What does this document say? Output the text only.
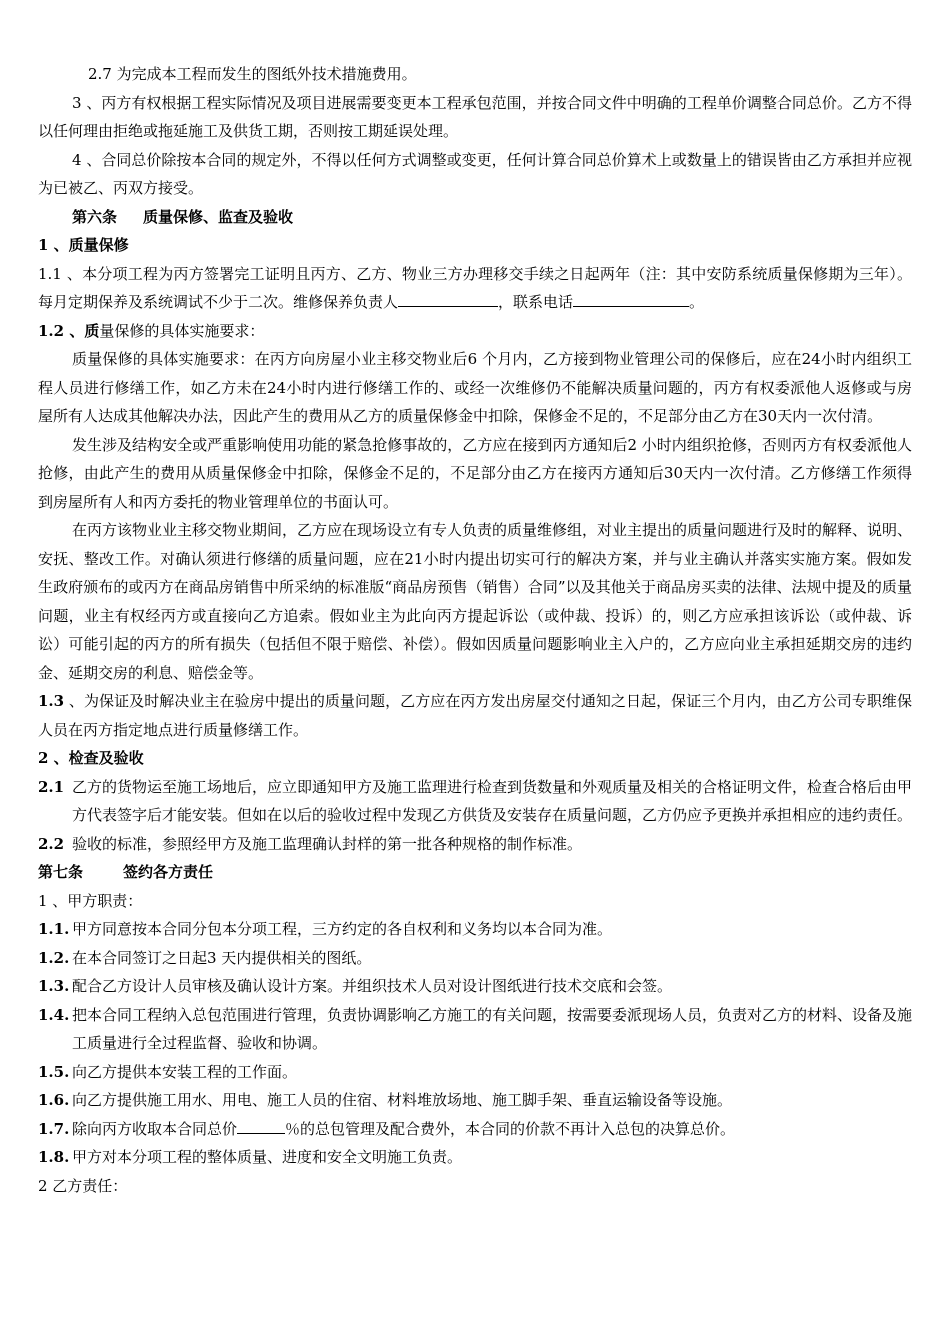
2.7 为完成本工程而发生的图纸外技术措施费用。
3 、丙方有权根据工程实际情况及项目进展需要变更本工程承包范围，并按合同文件中明确的工程单价调整合同总价。乙方不得以任何理由拒绝或拖延施工及供货工期，否则按工期延误处理。
4 、合同总价除按本合同的规定外，不得以任何方式调整或变更，任何计算合同总价算术上或数量上的错误皆由乙方承担并应视为已被乙、丙双方接受。
第六条 质量保修、监查及验收
1 、质量保修
1.1 、本分项工程为丙方签署完工证明且丙方、乙方、物业三方办理移交手续之日起两年（注：其中安防系统质量保修期为三年）。每月定期保养及系统调试不少于二次。维修保养负责人	，联系电话	。
1.2 、质量保修的具体实施要求：
质量保修的具体实施要求：在丙方向房屋小业主移交物业后6 个月内，乙方接到物业管理公司的保修后，应在24小时内组织工程人员进行修缮工作，如乙方未在24小时内进行修缮工作的、或经一次维修仍不能解决质量问题的，丙方有权委派他人返修或与房屋所有人达成其他解决办法，因此产生的费用从乙方的质量保修金中扣除，保修金不足的，不足部分由乙方在30天内一次付清。
发生涉及结构安全或严重影响使用功能的紧急抢修事故的，乙方应在接到丙方通知后2 小时内组织抢修，否则丙方有权委派他人抢修，由此产生的费用从质量保修金中扣除，保修金不足的，不足部分由乙方在接丙方通知后30天内一次付清。乙方修缮工作须得到房屋所有人和丙方委托的物业管理单位的书面认可。
在丙方该物业业主移交物业期间，乙方应在现场设立有专人负责的质量维修组，对业主提出的质量问题进行及时的解释、说明、安抚、整改工作。对确认须进行修缮的质量问题，应在21小时内提出切实可行的解决方案，并与业主确认并落实实施方案。假如发生政府颁布的或丙方在商品房销售中所采纳的标准版“商品房预售（销售）合同”以及其他关于商品房买卖的法律、法规中提及的质量问题，业主有权经丙方或直接向乙方追索。假如业主为此向丙方提起诉讼（或仲裁、投诉）的，则乙方应承担该诉讼（或仲裁、诉讼）可能引起的丙方的所有损失（包括但不限于赔偿、补偿）。假如因质量问题影响业主入户的，乙方应向业主承担延期交房的违约金、延期交房的利息、赔偿金等。
1.3 、为保证及时解决业主在验房中提出的质量问题，乙方应在丙方发出房屋交付通知之日起，保证三个月内，由乙方公司专职维保人员在丙方指定地点进行质量修缮工作。
2 、检查及验收
2.1 乙方的货物运至施工场地后，应立即通知甲方及施工监理进行检查到货数量和外观质量及相关的合格证明文件，检查合格后由甲方代表签字后才能安装。但如在以后的验收过程中发现乙方供货及安装存在质量问题，乙方仍应予更换并承担相应的违约责任。
2.2 验收的标准，参照经甲方及施工监理确认封样的第一批各种规格的制作标准。
第七条	签约各方责任
1 、甲方职责：
1.1. 甲方同意按本合同分包本分项工程，三方约定的各自权利和义务均以本合同为准。
1.2. 在本合同签订之日起3 天内提供相关的图纸。
1.3. 配合乙方设计人员审核及确认设计方案。并组织技术人员对设计图纸进行技术交底和会签。
1.4. 把本合同工程纳入总包范围进行管理，负责协调影响乙方施工的有关问题，按需要委派现场人员，负责对乙方的材料、设备及施工质量进行全过程监督、验收和协调。
1.5. 向乙方提供本安装工程的工作面。
1.6. 向乙方提供施工用水、用电、施工人员的住宿、材料堆放场地、施工脚手架、垂直运输设备等设施。
1.7. 除向丙方收取本合同总价	％的总包管理及配合费外，本合同的价款不再计入总包的决算总价。
1.8. 甲方对本分项工程的整体质量、进度和安全文明施工负责。
2 乙方责任：
